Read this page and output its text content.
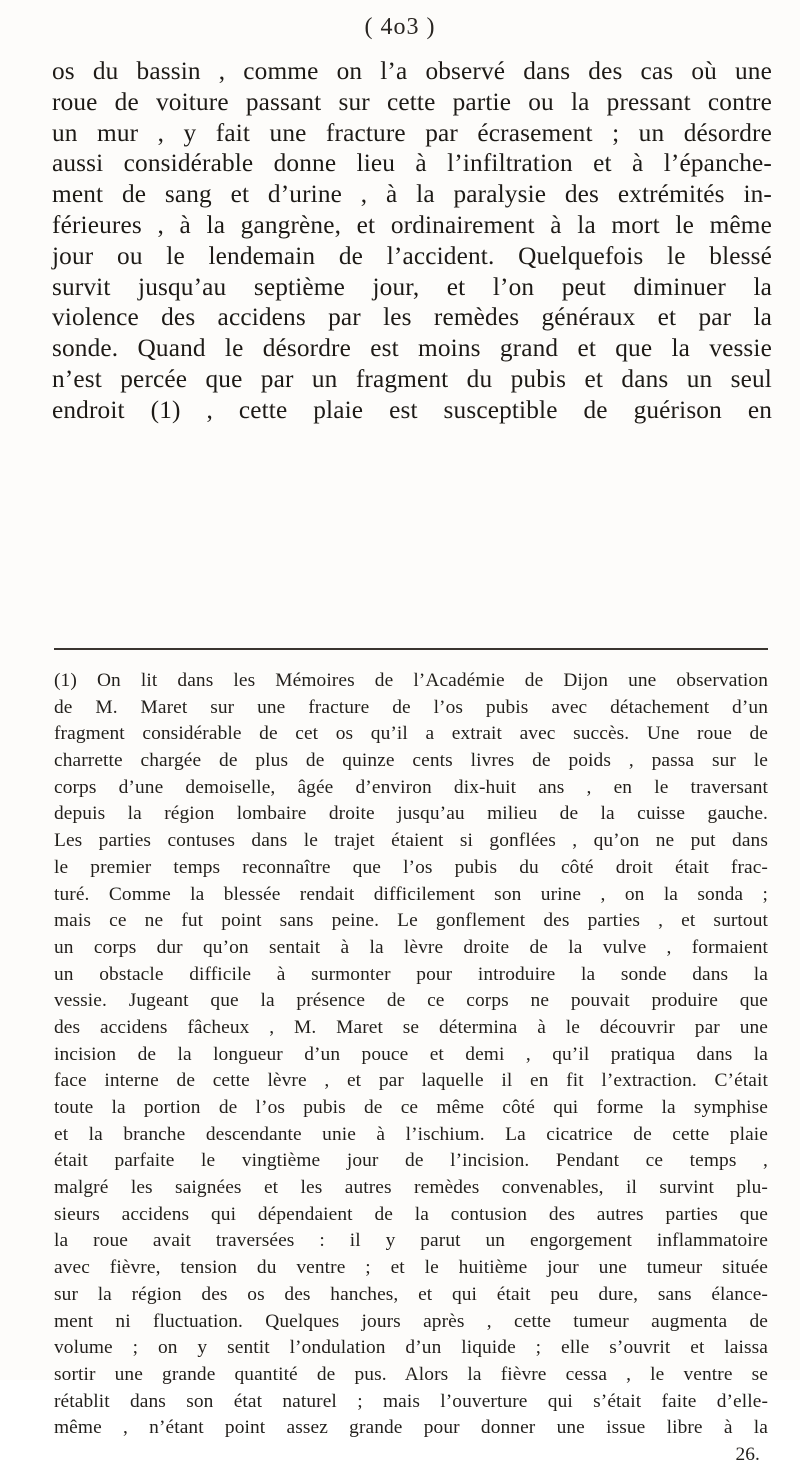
( 4o3 )
os du bassin , comme on l’a observé dans des cas où une
roue de voiture passant sur cette partie ou la pressant contre
un mur , y fait une fracture par écrasement ; un désordre
aussi considérable donne lieu à l’infiltration et à l’épanche-
ment de sang et d’urine , à la paralysie des extrémités in-
férieures , à la gangrène, et ordinairement à la mort le même
jour ou le lendemain de l’accident. Quelquefois le blessé
survit jusqu’au septième jour, et l’on peut diminuer la
violence des accidens par les remèdes généraux et par la
sonde. Quand le désordre est moins grand et que la vessie
n’est percée que par un fragment du pubis et dans un seul
endroit (1) , cette plaie est susceptible de guérison en
(1) On lit dans les Mémoires de l’Académie de Dijon une observation
de M. Maret sur une fracture de l’os pubis avec détachement d’un
fragment considérable de cet os qu’il a extrait avec succès. Une roue de
charrette chargée de plus de quinze cents livres de poids , passa sur le
corps d’une demoiselle, âgée d’environ dix-huit ans , en le traversant
depuis la région lombaire droite jusqu’au milieu de la cuisse gauche.
Les parties contuses dans le trajet étaient si gonflées , qu’on ne put dans
le premier temps reconnaître que l’os pubis du côté droit était frac-
turé. Comme la blessée rendait difficilement son urine , on la sonda ;
mais ce ne fut point sans peine. Le gonflement des parties , et surtout
un corps dur qu’on sentait à la lèvre droite de la vulve , formaient
un obstacle difficile à surmonter pour introduire la sonde dans la
vessie. Jugeant que la présence de ce corps ne pouvait produire que
des accidens fâcheux , M. Maret se détermina à le découvrir par une
incision de la longueur d’un pouce et demi , qu’il pratiqua dans la
face interne de cette lèvre , et par laquelle il en fit l’extraction. C’était
toute la portion de l’os pubis de ce même côté qui forme la symphise
et la branche descendante unie à l’ischium. La cicatrice de cette plaie
était parfaite le vingtième jour de l’incision. Pendant ce temps ,
malgré les saignées et les autres remèdes convenables, il survint plu-
sieurs accidens qui dépendaient de la contusion des autres parties que
la roue avait traversées : il y parut un engorgement inflammatoire
avec fièvre, tension du ventre ; et le huitième jour une tumeur située
sur la région des os des hanches, et qui était peu dure, sans élance-
ment ni fluctuation. Quelques jours après , cette tumeur augmenta de
volume ; on y sentit l’ondulation d’un liquide ; elle s’ouvrit et laissa
sortir une grande quantité de pus. Alors la fièvre cessa , le ventre se
rétablit dans son état naturel ; mais l’ouverture qui s’était faite d’elle-
même , n’étant point assez grande pour donner une issue libre à la
26.
